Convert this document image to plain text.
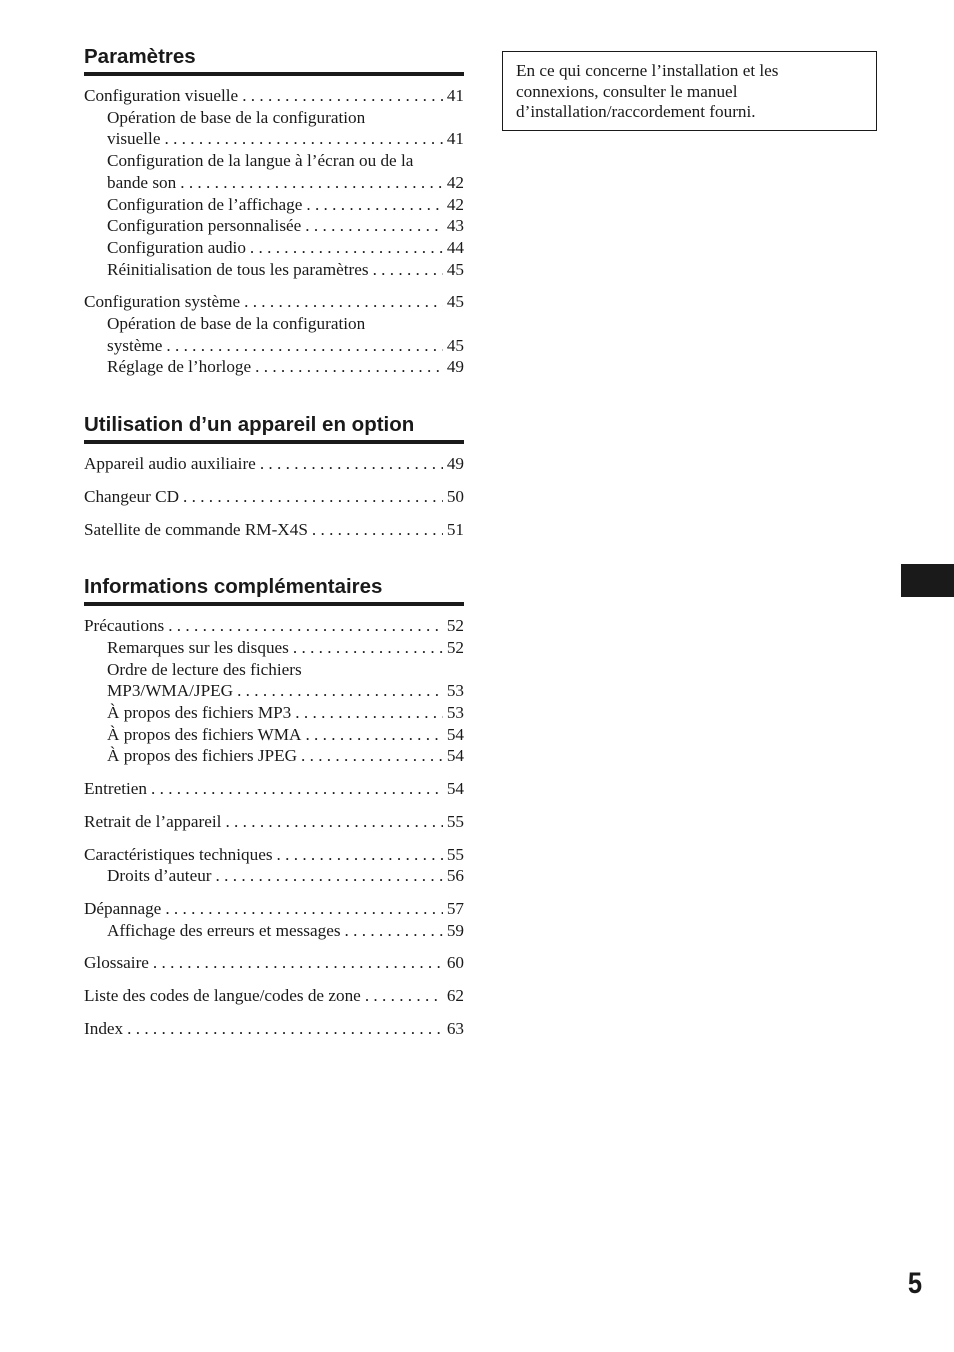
Paramètres
Configuration visuelle . . .	41
Opération de base de la configuration
visuelle . . .	41
Configuration de la langue à l’écran ou de la
bande son . . .	42
Configuration de l’affichage . . .	42
Configuration personnalisée . . .	43
Configuration audio . . .	44
Réinitialisation de tous les paramètres . . .	45
Configuration système . . .	45
Opération de base de la configuration
système . . .	45
Réglage de l’horloge . . .	49
Utilisation d’un appareil en option
Appareil audio auxiliaire . . .	49
Changeur CD . . .	50
Satellite de commande RM-X4S . . .	51
Informations complémentaires
Précautions . . .	52
Remarques sur les disques . . .	52
Ordre de lecture des fichiers
MP3/WMA/JPEG . . .	53
À propos des fichiers MP3 . . .	53
À propos des fichiers WMA . . .	54
À propos des fichiers JPEG . . .	54
Entretien . . .	54
Retrait de l’appareil . . .	55
Caractéristiques techniques . . .	55
Droits d’auteur . . .	56
Dépannage . . .	57
Affichage des erreurs et messages . . .	59
Glossaire . . .	60
Liste des codes de langue/codes de zone . . .	62
Index . . .	63
En ce qui concerne l’installation et les
connexions, consulter le manuel
d’installation/raccordement fourni.
5
